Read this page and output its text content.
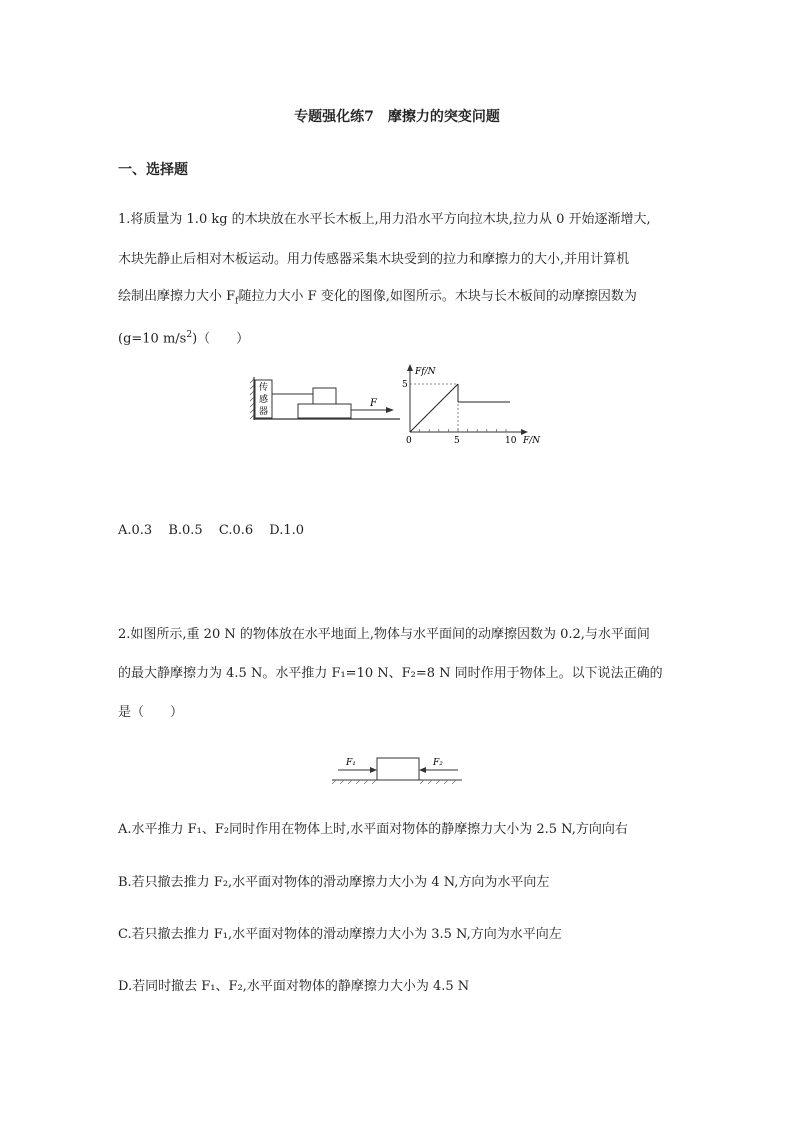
专题强化练7　摩擦力的突变问题
一、选择题
1.将质量为 1.0 kg 的木块放在水平长木板上,用力沿水平方向拉木块,拉力从 0 开始逐渐增大,
木块先静止后相对木板运动。用力传感器采集木块受到的拉力和摩擦力的大小,并用计算机
绘制出摩擦力大小 $F_f$随拉力大小 F 变化的图像,如图所示。木块与长木板间的动摩擦因数为
(g=10 $m/s^2$)（　　）
传
感
器
F
Ff/N
F/N
5
0	5	10
A.0.3 B.0.5 C.0.6 D.1.0
2.如图所示,重 20 N 的物体放在水平地面上,物体与水平面间的动摩擦因数为 0.2,与水平面间
的最大静摩擦力为 4.5 N。水平推力 F₁=10 N、F₂=8 N 同时作用于物体上。以下说法正确的
是（　　）
F₁	F₂
A.水平推力 F₁、F₂同时作用在物体上时,水平面对物体的静摩擦力大小为 2.5 N,方向向右
B.若只撤去推力 F₂,水平面对物体的滑动摩擦力大小为 4 N,方向为水平向左
C.若只撤去推力 F₁,水平面对物体的滑动摩擦力大小为 3.5 N,方向为水平向左
D.若同时撤去 F₁、F₂,水平面对物体的静摩擦力大小为 4.5 N
